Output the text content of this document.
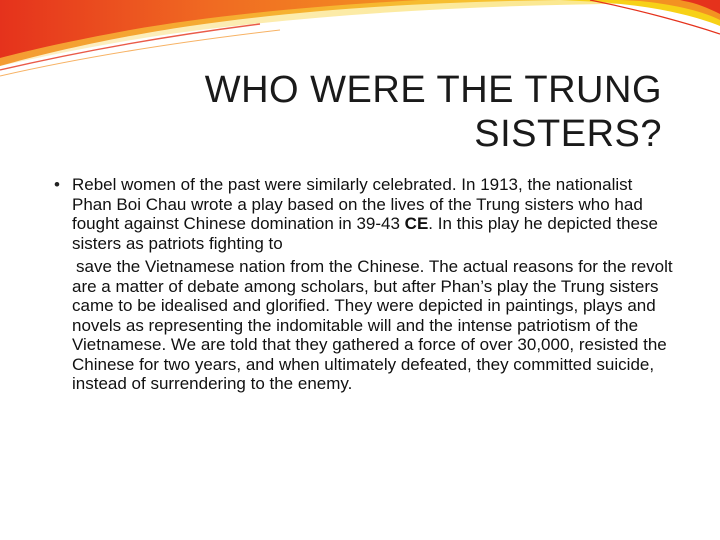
WHO WERE THE TRUNG
SISTERS?
• Rebel women of the past were similarly celebrated. In 1913, the nationalist Phan Boi Chau wrote a play based on the lives of the Trung sisters who had fought against Chinese domination in 39-43 CE. In this play he depicted these sisters as patriots fighting to
save the Vietnamese nation from the Chinese. The actual reasons for the revolt are a matter of debate among scholars, but after Phan’s play the Trung sisters came to be idealised and glorified. They were depicted in paintings, plays and novels as representing the indomitable will and the intense patriotism of the Vietnamese. We are told that they gathered a force of over 30,000, resisted the Chinese for two years, and when ultimately defeated, they committed suicide, instead of surrendering to the enemy.
